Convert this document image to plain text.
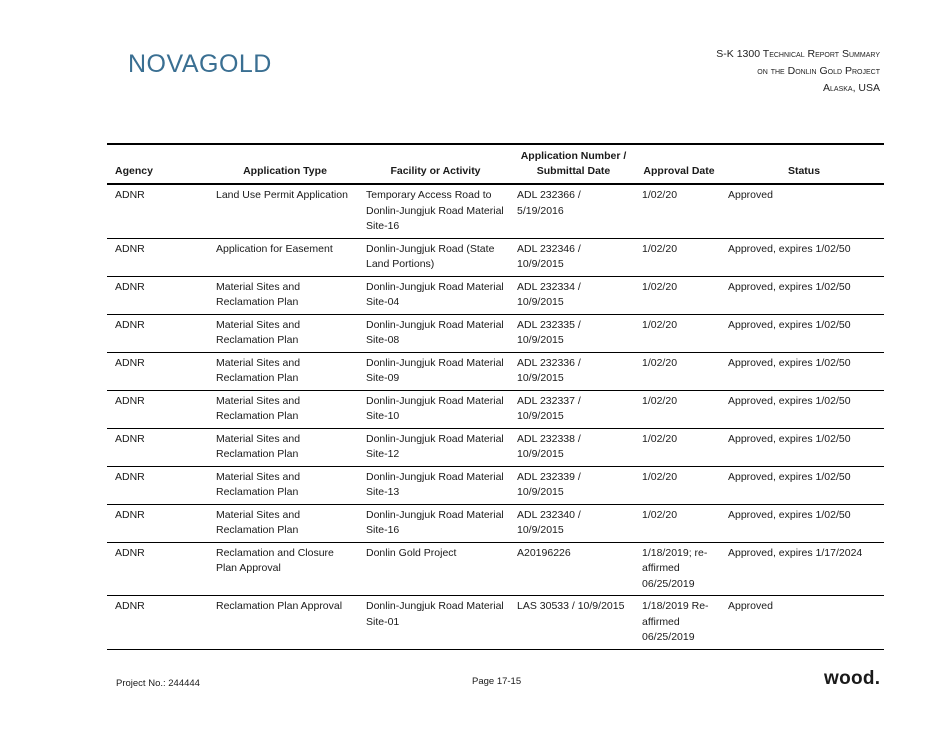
NOVAGOLD	S-K 1300 Technical Report Summary
on the Donlin Gold Project
Alaska, USA
Agency	Application Type	Facility or Activity	Application Number / Submittal Date	Approval Date	Status
ADNR	Land Use Permit Application	Temporary Access Road to Donlin-Jungjuk Road Material Site-16	ADL 232366 / 5/19/2016	1/02/20	Approved
ADNR	Application for Easement	Donlin-Jungjuk Road (State Land Portions)	ADL 232346 / 10/9/2015	1/02/20	Approved, expires 1/02/50
ADNR	Material Sites and Reclamation Plan	Donlin-Jungjuk Road Material Site-04	ADL 232334 / 10/9/2015	1/02/20	Approved, expires 1/02/50
ADNR	Material Sites and Reclamation Plan	Donlin-Jungjuk Road Material Site-08	ADL 232335 / 10/9/2015	1/02/20	Approved, expires 1/02/50
ADNR	Material Sites and Reclamation Plan	Donlin-Jungjuk Road Material Site-09	ADL 232336 / 10/9/2015	1/02/20	Approved, expires 1/02/50
ADNR	Material Sites and Reclamation Plan	Donlin-Jungjuk Road Material Site-10	ADL 232337 / 10/9/2015	1/02/20	Approved, expires 1/02/50
ADNR	Material Sites and Reclamation Plan	Donlin-Jungjuk Road Material Site-12	ADL 232338 / 10/9/2015	1/02/20	Approved, expires 1/02/50
ADNR	Material Sites and Reclamation Plan	Donlin-Jungjuk Road Material Site-13	ADL 232339 / 10/9/2015	1/02/20	Approved, expires 1/02/50
ADNR	Material Sites and Reclamation Plan	Donlin-Jungjuk Road Material Site-16	ADL 232340 / 10/9/2015	1/02/20	Approved, expires 1/02/50
ADNR	Reclamation and Closure Plan Approval	Donlin Gold Project	A20196226	1/18/2019; re-affirmed 06/25/2019	Approved, expires 1/17/2024
ADNR	Reclamation Plan Approval	Donlin-Jungjuk Road Material Site-01	LAS 30533 / 10/9/2015	1/18/2019 Re-affirmed 06/25/2019	Approved
Project No.: 244444	Page 17-15	wood.
